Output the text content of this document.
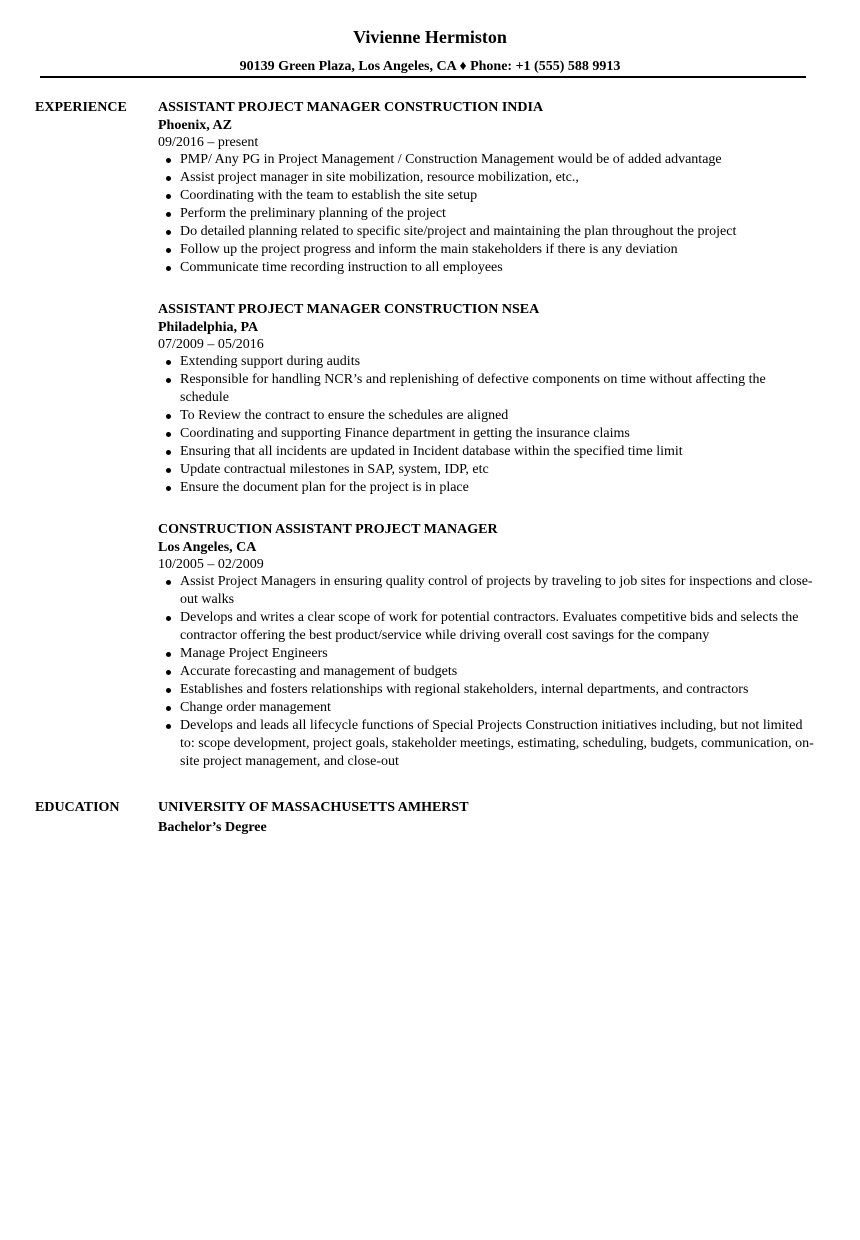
Vivienne Hermiston
90139 Green Plaza, Los Angeles, CA ♦ Phone: +1 (555) 588 9913
EXPERIENCE	ASSISTANT PROJECT MANAGER CONSTRUCTION INDIA
Phoenix, AZ
09/2016 – present
PMP/ Any PG in Project Management / Construction Management would be of added advantage
Assist project manager in site mobilization, resource mobilization, etc.,
Coordinating with the team to establish the site setup
Perform the preliminary planning of the project
Do detailed planning related to specific site/project and maintaining the plan throughout the project
Follow up the project progress and inform the main stakeholders if there is any deviation
Communicate time recording instruction to all employees
ASSISTANT PROJECT MANAGER CONSTRUCTION NSEA
Philadelphia, PA
07/2009 – 05/2016
Extending support during audits
Responsible for handling NCR’s and replenishing of defective components on time without affecting the schedule
To Review the contract to ensure the schedules are aligned
Coordinating and supporting Finance department in getting the insurance claims
Ensuring that all incidents are updated in Incident database within the specified time limit
Update contractual milestones in SAP, system, IDP, etc
Ensure the document plan for the project is in place
CONSTRUCTION ASSISTANT PROJECT MANAGER
Los Angeles, CA
10/2005 – 02/2009
Assist Project Managers in ensuring quality control of projects by traveling to job sites for inspections and close-out walks
Develops and writes a clear scope of work for potential contractors. Evaluates competitive bids and selects the contractor offering the best product/service while driving overall cost savings for the company
Manage Project Engineers
Accurate forecasting and management of budgets
Establishes and fosters relationships with regional stakeholders, internal departments, and contractors
Change order management
Develops and leads all lifecycle functions of Special Projects Construction initiatives including, but not limited to: scope development, project goals, stakeholder meetings, estimating, scheduling, budgets, communication, on-site project management, and close-out
EDUCATION	UNIVERSITY OF MASSACHUSETTS AMHERST
Bachelor’s Degree
